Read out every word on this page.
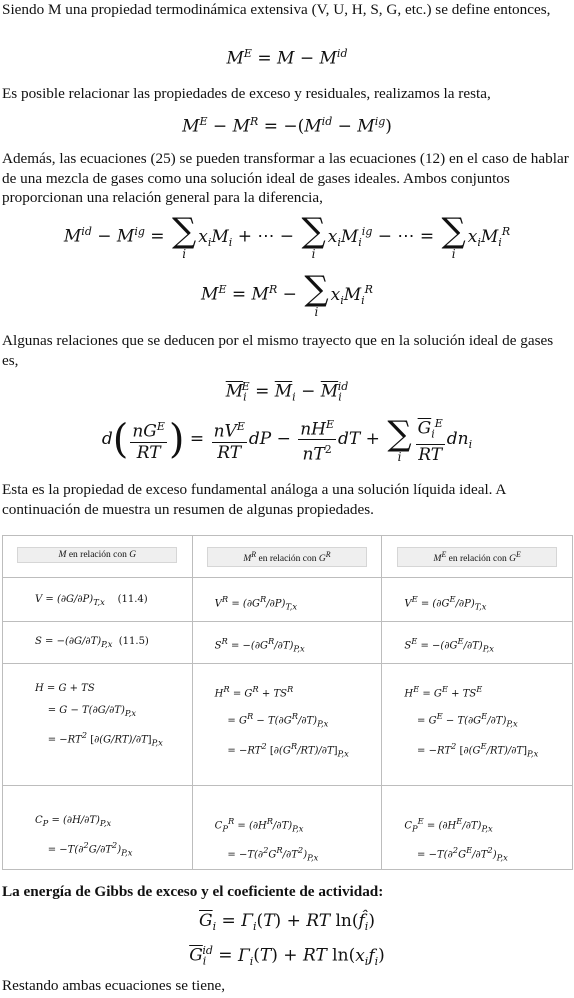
Siendo M una propiedad termodinámica extensiva (V, U, H, S, G, etc.) se define entonces,

$M^E = M - M^{id}$

Es posible relacionar las propiedades de exceso y residuales, realizamos la resta,

$M^E - M^R = -(M^{id} - M^{ig})$

Además, las ecuaciones (25) se pueden transformar a las ecuaciones (12) en el caso de hablar de una mezcla de gases como una solución ideal de gases ideales. Ambos conjuntos proporcionan una relación general para la diferencia,

$M^{id} - M^{ig}$ = ∑
i
$x_iM_i$ + ⋯ − ∑
i
$x_iM_i^{ig}$ − ⋯ = ∑
i
$x_iM_i^R$
$M^E = M^R$ − ∑
i
$x_iM_i^R$

Algunas relaciones que se deducen por el mismo trayecto que en la solución ideal de gases es,

$\overline{M}_i^E = \overline{M}_i - \overline{M}_i^{id}$
$d( \frac{nG^E}{RT}$ ) = $\frac{nV^E}{RT}$ dP − $\frac{nH^E}{nT^2}$ dT + ∑
i $\frac{\overline{G}_i^E}{RT} dn_i$

Esta es la propiedad de exceso fundamental análoga a una solución líquida ideal. A continuación de muestra un resumen de algunas propiedades.

M en relación con G	$M^R$ en relación con $G^R$	$M^E$ en relación con $G^E$

$V = (\partial G/\partial P)_{T,x}$ (11.4)	$V^R = (\partial G^R/\partial P)_{T,x}$	$V^E = (\partial G^E/\partial P)_{T,x}$

$S = -(\partial G/\partial T)_{P,x}$ (11.5)	$S^R = -(\partial G^R/\partial T)_{P,x}$	$S^E = -(\partial G^E/\partial T)_{P,x}$

H = G + TS
= $G - T(\partial G/\partial T)_{P,x}$
= $-RT^2$ $[\partial(G/RT)/\partial T]_{P,x}$	$H^R = G^R + TS^R$
= $G^R - T(\partial G^R/\partial T)_{P,x}$
= $-RT^2$ $[\partial(G^R/RT)/\partial T]_{P,x}$	$H^E = G^E + TS^E$
= $G^E - T(\partial G^E/\partial T)_{P,x}$
= $-RT^2$ $[\partial(G^E/RT)/\partial T]_{P,x}$

$C_P = (\partial H/\partial T)_{P,x}$
= $-T(\partial^2G/\partial T^2)_{P,x}$	$C_P^R = (\partial H^R/\partial T)_{P,x}$
= $-T(\partial^2G^R/\partial T^2)_{P,x}$	$C_P^E = (\partial H^E/\partial T)_{P,x}$
= $-T(\partial^2G^E/\partial T^2)_{P,x}$

La energía de Gibbs de exceso y el coeficiente de actividad:

$\overline{G}_i = \Gamma_i(T)$ + RT $\ln(f̂_i)$
$\overline{G}_i^{id} = \Gamma_i(T)$ + RT $\ln(x_if_i)$

Restando ambas ecuaciones se tiene,
